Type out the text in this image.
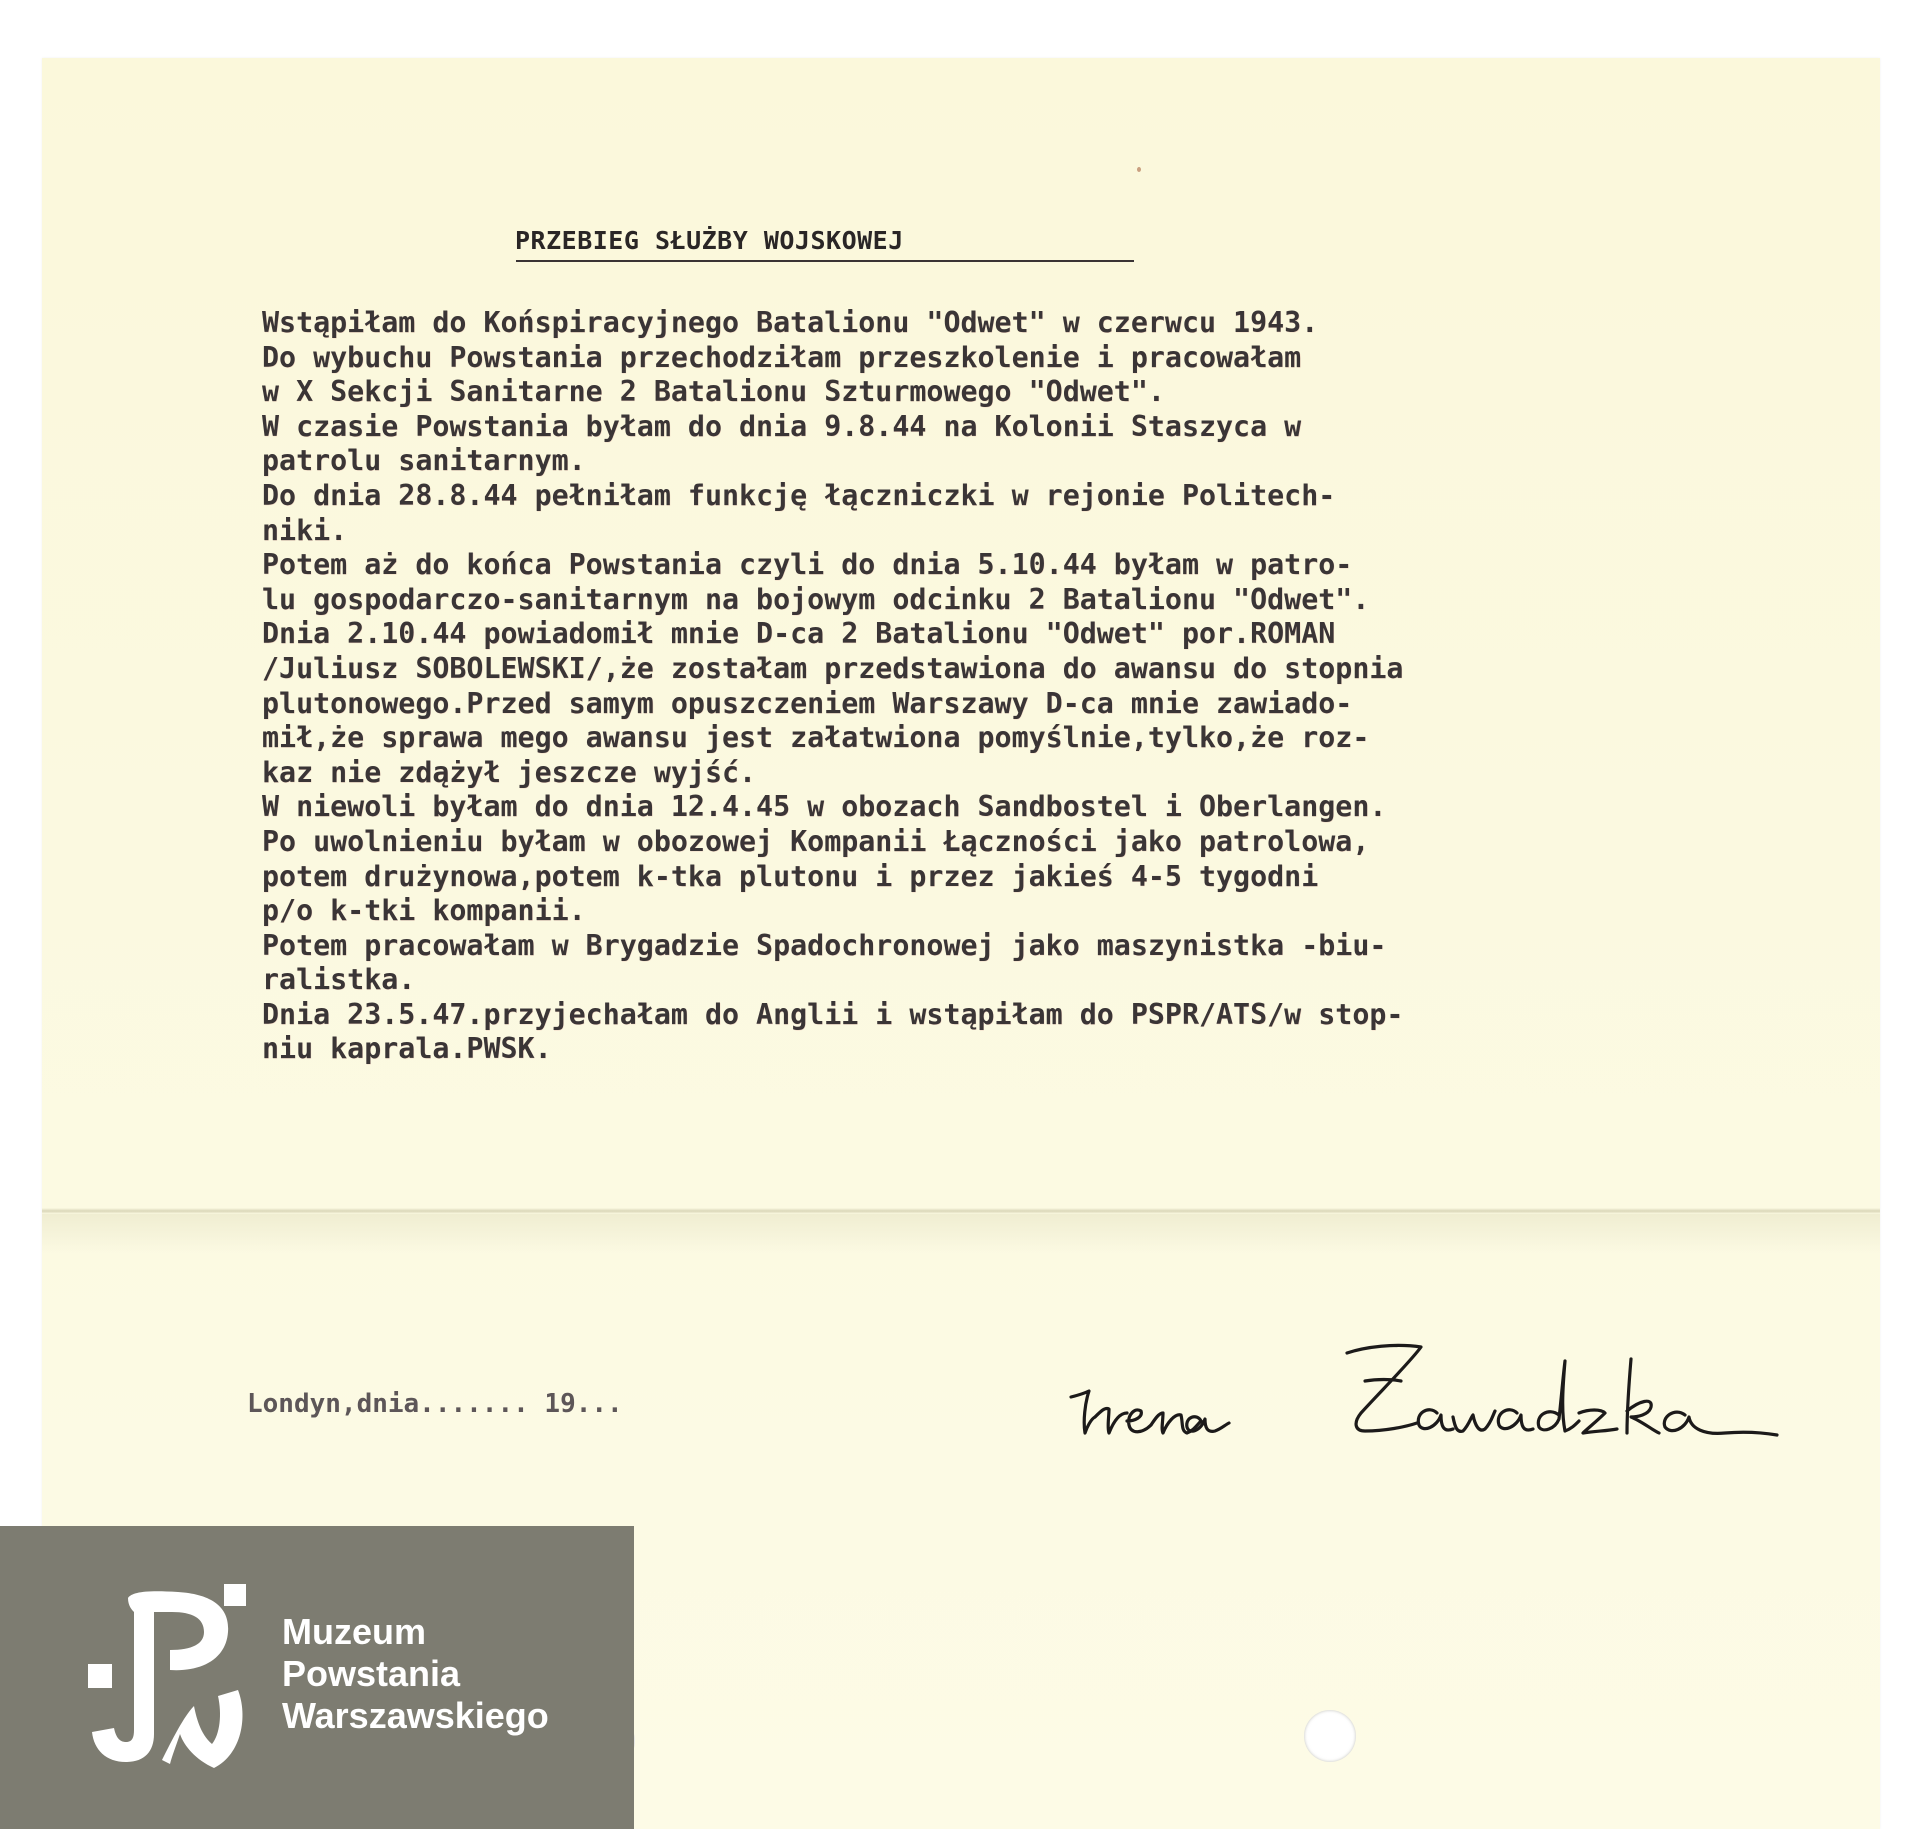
PRZEBIEG SŁUŻBY WOJSKOWEJ
Wstąpiłam do Końspiracyjnego Batalionu "Odwet" w czerwcu 1943.
Do wybuchu Powstania przechodziłam przeszkolenie i pracowałam
w X Sekcji Sanitarne 2 Batalionu Szturmowego "Odwet".
W czasie Powstania byłam do dnia 9.8.44 na Kolonii Staszyca w
patrolu sanitarnym.
Do dnia 28.8.44 pełniłam funkcję łączniczki w rejonie Politech-
niki.
Potem aż do końca Powstania czyli do dnia 5.10.44 byłam w patro-
lu gospodarczo-sanitarnym na bojowym odcinku 2 Batalionu "Odwet".
Dnia 2.10.44 powiadomił mnie D-ca 2 Batalionu "Odwet" por.ROMAN
/Juliusz SOBOLEWSKI/,że zostałam przedstawiona do awansu do stopnia
plutonowego.Przed samym opuszczeniem Warszawy D-ca mnie zawiado-
mił,że sprawa mego awansu jest załatwiona pomyślnie,tylko,że roz-
kaz nie zdążył jeszcze wyjść.
W niewoli byłam do dnia 12.4.45 w obozach Sandbostel i Oberlangen.
Po uwolnieniu byłam w obozowej Kompanii Łączności jako patrolowa,
potem drużynowa,potem k-tka plutonu i przez jakieś 4-5 tygodni
p/o k-tki kompanii.
Potem pracowałam w Brygadzie Spadochronowej jako maszynistka -biu-
ralistka.
Dnia 23.5.47.przyjechałam do Anglii i wstąpiłam do PSPR/ATS/w stop-
niu kaprala.PWSK.
Londyn,dnia....... 19...
Muzeum
Powstania
Warszawskiego
